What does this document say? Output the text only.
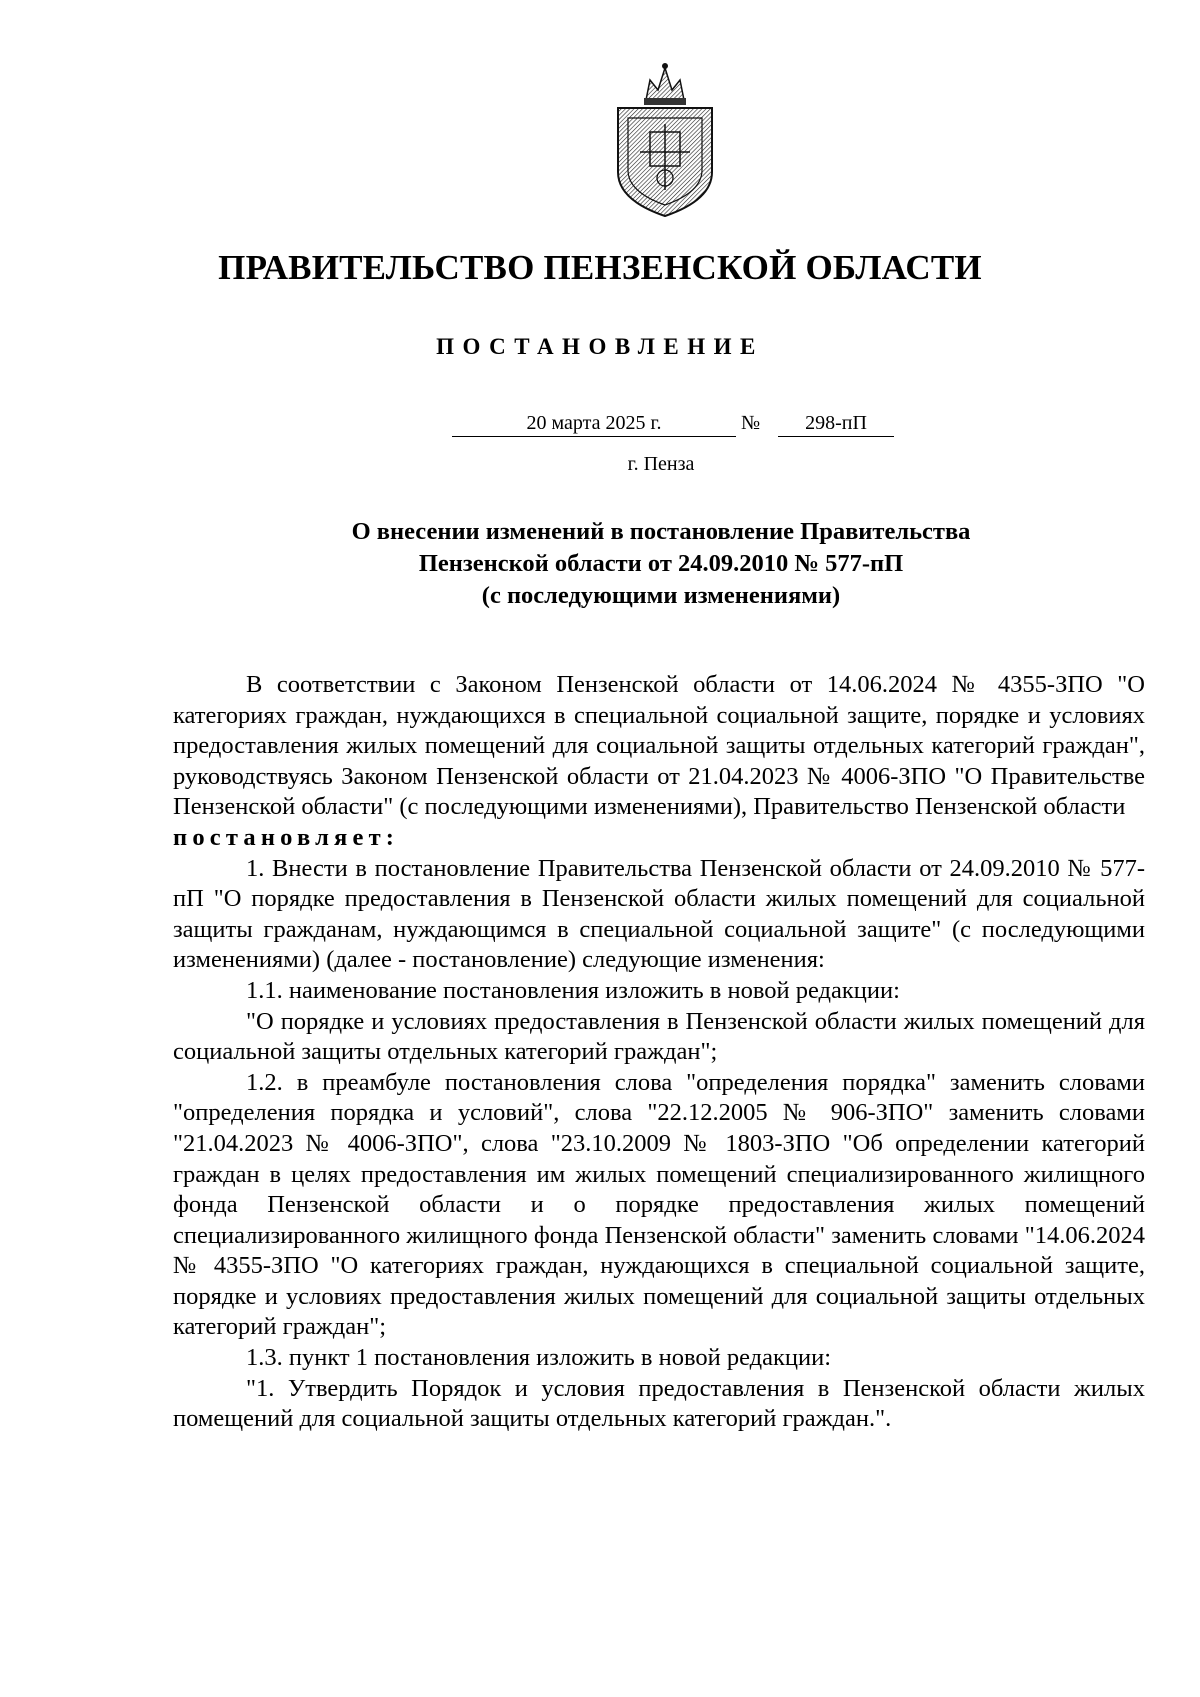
ПРАВИТЕЛЬСТВО ПЕНЗЕНСКОЙ ОБЛАСТИ
ПОСТАНОВЛЕНИЕ
20 марта 2025 г.	№	298-пП
г. Пенза
О внесении изменений в постановление Правительства
Пензенской области от 24.09.2010 № 577-пП
(с последующими изменениями)

В соответствии с Законом Пензенской области от 14.06.2024 № 4355-ЗПО "О категориях граждан, нуждающихся в специальной социальной защите, порядке и условиях предоставления жилых помещений для социальной защиты отдельных категорий граждан", руководствуясь Законом Пензенской области от 21.04.2023 № 4006-ЗПО "О Правительстве Пензенской области" (с последующими изменениями), Правительство Пензенской области

постановляет:

1. Внести в постановление Правительства Пензенской области от 24.09.2010 № 577-пП "О порядке предоставления в Пензенской области жилых помещений для социальной защиты гражданам, нуждающимся в специальной социальной защите" (с последующими изменениями) (далее - постановление) следующие изменения:

1.1. наименование постановления изложить в новой редакции:

"О порядке и условиях предоставления в Пензенской области жилых помещений для социальной защиты отдельных категорий граждан";

1.2. в преамбуле постановления слова "определения порядка" заменить словами "определения порядка и условий", слова "22.12.2005 № 906-ЗПО" заменить словами "21.04.2023 № 4006-ЗПО", слова "23.10.2009 № 1803-ЗПО "Об определении категорий граждан в целях предоставления им жилых помещений специализированного жилищного фонда Пензенской области и о порядке предоставления жилых помещений специализированного жилищного фонда Пензенской области" заменить словами "14.06.2024 № 4355-ЗПО "О категориях граждан, нуждающихся в специальной социальной защите, порядке и условиях предоставления жилых помещений для социальной защиты отдельных категорий граждан";

1.3. пункт 1 постановления изложить в новой редакции:

"1. Утвердить Порядок и условия предоставления в Пензенской области жилых помещений для социальной защиты отдельных категорий граждан.".
